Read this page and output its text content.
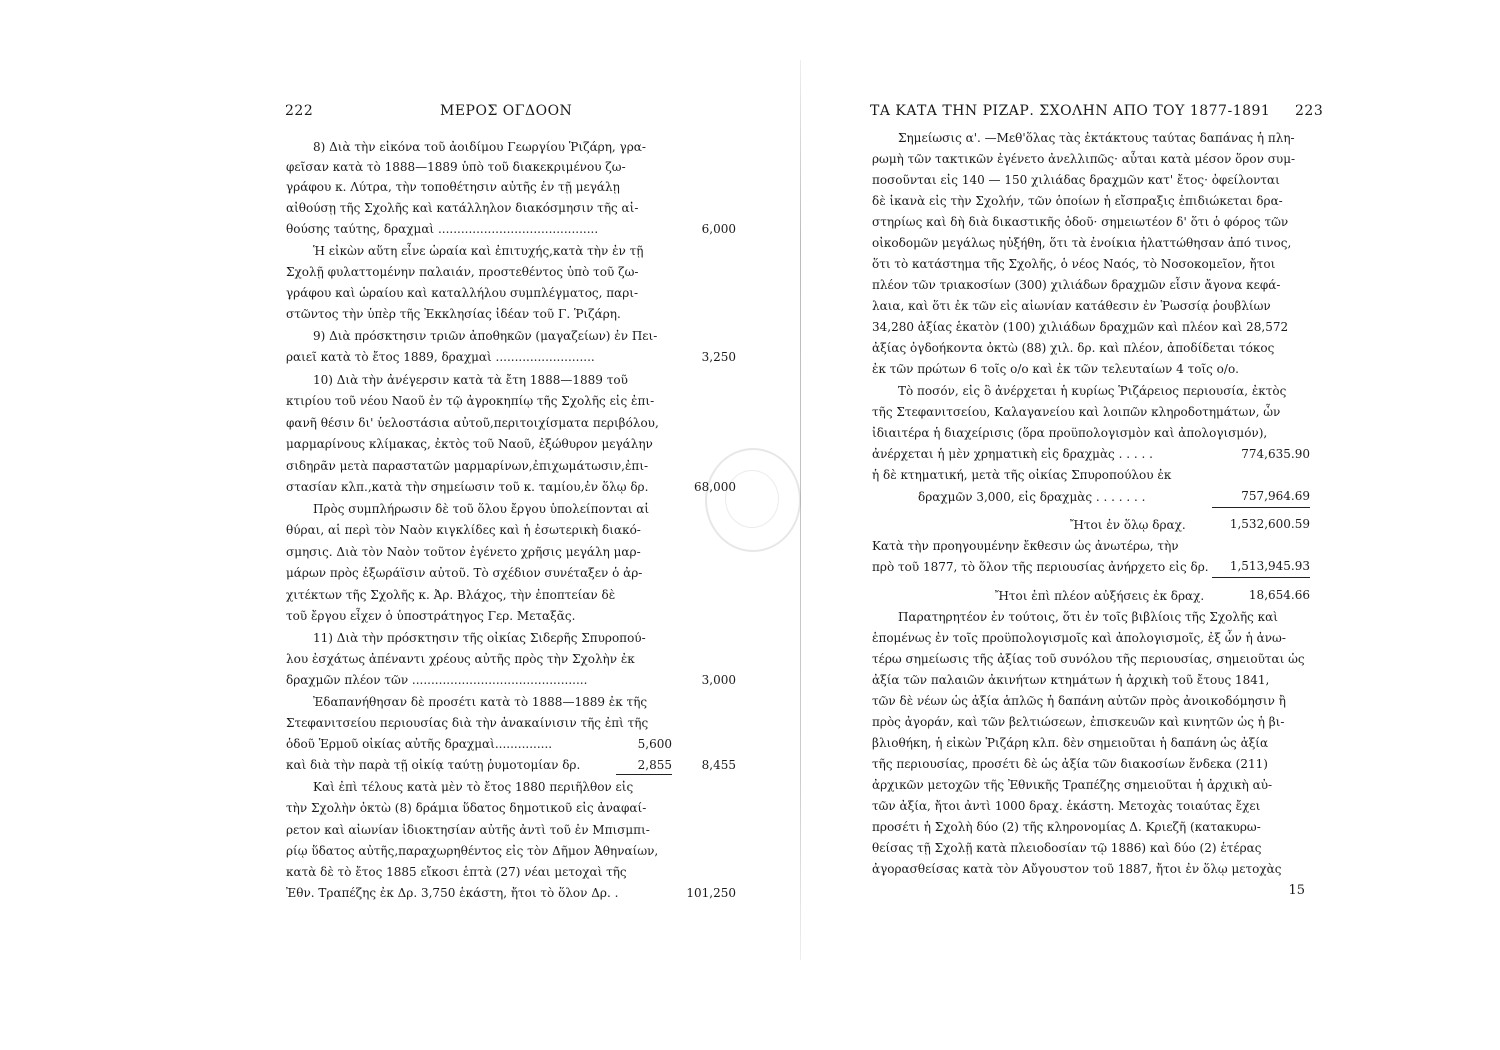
222	ΜΕΡΟΣ ΟΓΔΟΟΝ
8) Διὰ τὴν εἰκόνα τοῦ ἀοιδίμου Γεωργίου Ῥιζάρη, γρα-
φεῖσαν κατὰ τὸ 1888—1889 ὑπὸ τοῦ διακεκριμένου ζω-
γράφου κ. Λύτρα, τὴν τοποθέτησιν αὐτῆς ἐν τῇ μεγάλῃ
αἰθούσῃ τῆς Σχολῆς καὶ κατάλληλον διακόσμησιν τῆς αἰ-
θούσης ταύτης, δραχμαὶ ..........................................
Ἡ εἰκὼν αὕτη εἶνε ὡραία καὶ ἐπιτυχής,κατὰ τὴν ἐν τῇ
Σχολῇ φυλαττομένην παλαιάν, προστεθέντος ὑπὸ τοῦ ζω-
γράφου καὶ ὡραίου καὶ καταλλήλου συμπλέγματος, παρι-
στῶντος τὴν ὑπὲρ τῆς Ἐκκλησίας ἰδέαν τοῦ Γ. Ῥιζάρη.
9) Διὰ πρόσκτησιν τριῶν ἀποθηκῶν (μαγαζείων) ἐν Πει-
ραιεῖ κατὰ τὸ ἔτος 1889, δραχμαὶ ..........................
10) Διὰ τὴν ἀνέγερσιν κατὰ τὰ ἔτη 1888—1889 τοῦ
κτιρίου τοῦ νέου Ναοῦ ἐν τῷ ἀγροκηπίῳ τῆς Σχολῆς εἰς ἐπι-
φανῆ θέσιν δι' ὑελοστάσια αὐτοῦ,περιτοιχίσματα περιβόλου,
μαρμαρίνους κλίμακας, ἐκτὸς τοῦ Ναοῦ, ἐξώθυρον μεγάλην
σιδηρᾶν μετὰ παραστατῶν μαρμαρίνων,ἐπιχωμάτωσιν,ἐπι-
στασίαν κλπ.,κατὰ τὴν σημείωσιν τοῦ κ. ταμίου,ἐν ὅλῳ δρ.
Πρὸς συμπλήρωσιν δὲ τοῦ ὅλου ἔργου ὑπολείπονται αἱ
θύραι, αἱ περὶ τὸν Ναὸν κιγκλίδες καὶ ἡ ἐσωτερικὴ διακό-
σμησις. Διὰ τὸν Ναὸν τοῦτον ἐγένετο χρῆσις μεγάλη μαρ-
μάρων πρὸς ἐξωράϊσιν αὐτοῦ. Τὸ σχέδιον συνέταξεν ὁ ἀρ-
χιτέκτων τῆς Σχολῆς κ. Ἀρ. Βλάχος, τὴν ἐποπτείαν δὲ
τοῦ ἔργου εἶχεν ὁ ὑποστράτηγος Γερ. Μεταξᾶς.
11) Διὰ τὴν πρόσκτησιν τῆς οἰκίας Σιδερῆς Σπυροπού-
λου ἐσχάτως ἀπέναντι χρέους αὐτῆς πρὸς τὴν Σχολὴν ἐκ
δραχμῶν πλέον τῶν ..............................................
Ἐδαπανήθησαν δὲ προσέτι κατὰ τὸ 1888—1889 ἐκ τῆς
Στεφανιτσείου περιουσίας διὰ τὴν ἀνακαίνισιν τῆς ἐπὶ τῆς
ὁδοῦ Ἑρμοῦ οἰκίας αὐτῆς δραχμαὶ...............
καὶ διὰ τὴν παρὰ τῇ οἰκίᾳ ταύτῃ ῥυμοτομίαν δρ.
Καὶ ἐπὶ τέλους κατὰ μὲν τὸ ἔτος 1880 περιῆλθον εἰς
τὴν Σχολὴν ὀκτὼ (8) δράμια ὕδατος δημοτικοῦ εἰς ἀναφαί-
ρετον καὶ αἰωνίαν ἰδιοκτησίαν αὐτῆς ἀντὶ τοῦ ἐν Μπισμπι-
ρίῳ ὕδατος αὐτῆς,παραχωρηθέντος εἰς τὸν Δῆμον Ἀθηναίων,
κατὰ δὲ τὸ ἔτος 1885 εἴκοσι ἑπτὰ (27) νέαι μετοχαὶ τῆς
Ἐθν. Τραπέζης ἐκ Δρ. 3,750 ἑκάστη, ἤτοι τὸ ὅλον Δρ. .
6,000
3,250
68,000
3,000
5,600
2,855	8,455
101,250
ΤΑ ΚΑΤΑ ΤΗΝ ΡΙΖΑΡ. ΣΧΟΛΗΝ ΑΠΟ ΤΟΥ 1877-1891 223
Σημείωσις α'. —Μεθ'ὅλας τὰς ἐκτάκτους ταύτας δαπάνας ἡ πλη-
ρωμὴ τῶν τακτικῶν ἐγένετο ἀνελλιπῶς· αὗται κατὰ μέσον ὅρον συμ-
ποσοῦνται εἰς 140 — 150 χιλιάδας δραχμῶν κατ' ἔτος· ὀφείλονται
δὲ ἱκανὰ εἰς τὴν Σχολήν, τῶν ὁποίων ἡ εἴσπραξις ἐπιδιώκεται δρα-
στηρίως καὶ δὴ διὰ δικαστικῆς ὁδοῦ· σημειωτέον δ' ὅτι ὁ φόρος τῶν
οἰκοδομῶν μεγάλως ηὐξήθη, ὅτι τὰ ἐνοίκια ἠλαττώθησαν ἀπό τινος,
ὅτι τὸ κατάστημα τῆς Σχολῆς, ὁ νέος Ναός, τὸ Νοσοκομεῖον, ἤτοι
πλέον τῶν τριακοσίων (300) χιλιάδων δραχμῶν εἶσιν ἄγονα κεφά-
λαια, καὶ ὅτι ἐκ τῶν εἰς αἰωνίαν κατάθεσιν ἐν Ῥωσσίᾳ ῥουβλίων
34,280 ἀξίας ἑκατὸν (100) χιλιάδων δραχμῶν καὶ πλέον καὶ 28,572
ἀξίας ὀγδοήκοντα ὀκτὼ (88) χιλ. δρ. καὶ πλέον, ἀποδίδεται τόκος
ἐκ τῶν πρώτων 6 τοῖς ο/ο καὶ ἐκ τῶν τελευταίων 4 τοῖς ο/ο.
Τὸ ποσόν, εἰς ὃ ἀνέρχεται ἡ κυρίως Ῥιζάρειος περιουσία, ἐκτὸς
τῆς Στεφανιτσείου, Καλαγανείου καὶ λοιπῶν κληροδοτημάτων, ὧν
ἰδιαιτέρα ἡ διαχείρισις (ὅρα προϋπολογισμὸν καὶ ἀπολογισμόν),
ἀνέρχεται ἡ μὲν χρηματικὴ εἰς δραχμὰς . . . . .
ἡ δὲ κτηματική, μετὰ τῆς οἰκίας Σπυροπούλου ἐκ
δραχμῶν 3,000, εἰς δραχμὰς . . . . . . .
Ἤτοι ἐν ὅλῳ δραχ.
Κατὰ τὴν προηγουμένην ἔκθεσιν ὡς ἀνωτέρω, τὴν
πρὸ τοῦ 1877, τὸ ὅλον τῆς περιουσίας ἀνήρχετο εἰς δρ.
Ἤτοι ἐπὶ πλέον αὐξήσεις ἐκ δραχ.
Παρατηρητέον ἐν τούτοις, ὅτι ἐν τοῖς βιβλίοις τῆς Σχολῆς καὶ
ἑπομένως ἐν τοῖς προϋπολογισμοῖς καὶ ἀπολογισμοῖς, ἐξ ὧν ἡ ἀνω-
τέρω σημείωσις τῆς ἀξίας τοῦ συνόλου τῆς περιουσίας, σημειοῦται ὡς
ἀξία τῶν παλαιῶν ἀκινήτων κτημάτων ἡ ἀρχικὴ τοῦ ἔτους 1841,
τῶν δὲ νέων ὡς ἀξία ἁπλῶς ἡ δαπάνη αὐτῶν πρὸς ἀνοικοδόμησιν ἢ
πρὸς ἀγοράν, καὶ τῶν βελτιώσεων, ἐπισκευῶν καὶ κινητῶν ὡς ἡ βι-
βλιοθήκη, ἡ εἰκὼν Ῥιζάρη κλπ. δὲν σημειοῦται ἡ δαπάνη ὡς ἀξία
τῆς περιουσίας, προσέτι δὲ ὡς ἀξία τῶν διακοσίων ἕνδεκα (211)
ἀρχικῶν μετοχῶν τῆς Ἐθνικῆς Τραπέζης σημειοῦται ἡ ἀρχικὴ αὐ-
τῶν ἀξία, ἤτοι ἀντὶ 1000 δραχ. ἑκάστη. Μετοχὰς τοιαύτας ἔχει
προσέτι ἡ Σχολὴ δύο (2) τῆς κληρονομίας Δ. Κριεζῆ (κατακυρω-
θείσας τῇ Σχολῇ κατὰ πλειοδοσίαν τῷ 1886) καὶ δύο (2) ἑτέρας
ἀγορασθείσας κατὰ τὸν Αὔγουστον τοῦ 1887, ἤτοι ἐν ὅλῳ μετοχὰς
774,635.90
757,964.69
1,532,600.59
1,513,945.93
18,654.66
15
